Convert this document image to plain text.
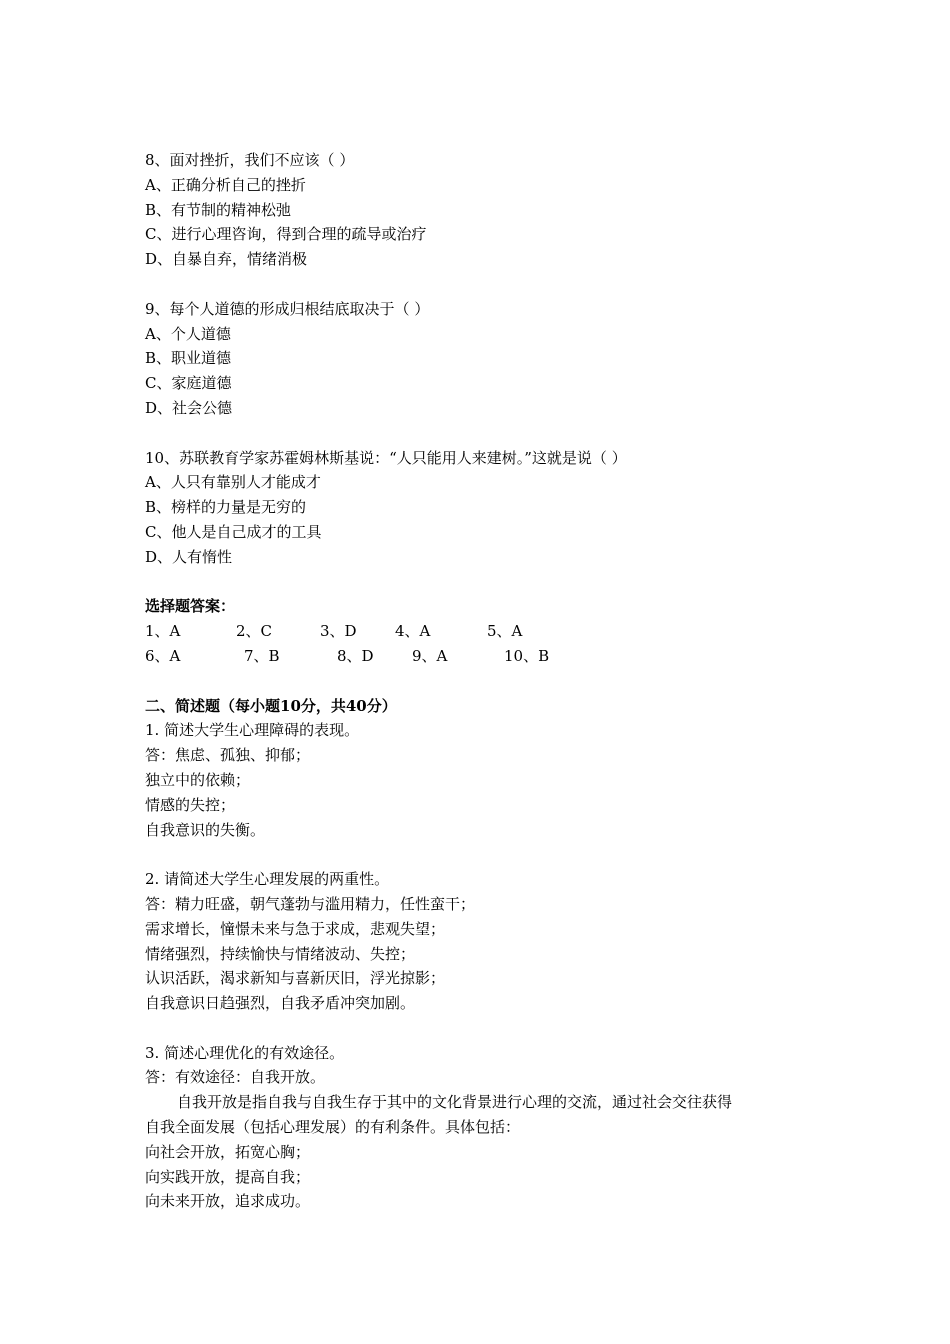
8、面对挫折，我们不应该（ ）
A、正确分析自己的挫折
B、有节制的精神松弛
C、进行心理咨询，得到合理的疏导或治疗
D、自暴自弃，情绪消极
9、每个人道德的形成归根结底取决于（ ）
A、个人道德
B、职业道德
C、家庭道德
D、社会公德
10、苏联教育学家苏霍姆林斯基说：“人只能用人来建树。”这就是说（ ）
A、人只有靠别人才能成才
B、榜样的力量是无穷的
C、他人是自己成才的工具
D、人有惰性
选择题答案：
1、A	2、C	3、D	4、A	5、A
6、A	7、B	8、D	9、A	10、B
二、简述题（每小题10分，共40分）
1. 简述大学生心理障碍的表现。
答：焦虑、孤独、抑郁；
独立中的依赖；
情感的失控；
自我意识的失衡。
2. 请简述大学生心理发展的两重性。
答：精力旺盛，朝气蓬勃与滥用精力，任性蛮干；
需求增长，憧憬未来与急于求成，悲观失望；
情绪强烈，持续愉快与情绪波动、失控；
认识活跃，渴求新知与喜新厌旧，浮光掠影；
自我意识日趋强烈，自我矛盾冲突加剧。
3. 简述心理优化的有效途径。
答：有效途径：自我开放。
自我开放是指自我与自我生存于其中的文化背景进行心理的交流，通过社会交往获得
自我全面发展（包括心理发展）的有利条件。具体包括：
向社会开放，拓宽心胸；
向实践开放，提高自我；
向未来开放，追求成功。
